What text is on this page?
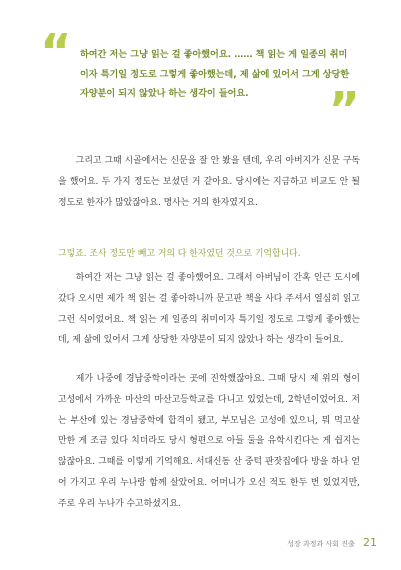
“ 하여간 저는 그냥 읽는 걸 좋아했어요. …… 책 읽는 게 일종의 취미이자 특기일 정도로 그렇게 좋아했는데, 제 삶에 있어서 그게 상당한 자양분이 되지 않았나 하는 생각이 들어요.	”

그리고 그때 시골에서는 신문을 잘 안 봤을 텐데, 우리 아버지가 신문 구독을 했어요. 두 가지 정도는 보셨던 거 같아요. 당시에는 지금하고 비교도 안 될 정도로 한자가 많았잖아요. 명사는 거의 한자였지요.

그렇죠. 조사 정도만 빼고 거의 다 한자였던 것으로 기억합니다.

하여간 저는 그냥 읽는 걸 좋아했어요. 그래서 아버님이 간혹 인근 도시에 갔다 오시면 제가 책 읽는 걸 좋아하니까 문고판 책을 사다 주셔서 열심히 읽고 그런 식이었어요. 책 읽는 게 일종의 취미이자 특기일 정도로 그렇게 좋아했는데, 제 삶에 있어서 그게 상당한 자양분이 되지 않았나 하는 생각이 들어요.

제가 나중에 경남중학이라는 곳에 진학했잖아요. 그때 당시 제 위의 형이 고성에서 가까운 마산의 마산고등학교를 다니고 있었는데, 2학년이었어요. 저는 부산에 있는 경남중학에 합격이 됐고, 부모님은 고성에 있으니, 뭐 먹고살 만한 게 조금 있다 치더라도 당시 형편으로 아들 둘을 유학시킨다는 게 쉽지는 않잖아요. 그때를 이렇게 기억해요. 서대신동 산 중턱 판잣집에다 방을 하나 얻어 가지고 우리 누나랑 함께 살았어요. 어머니가 오신 적도 한두 번 있었지만, 주로 우리 누나가 수고하셨지요.

성장 과정과 사회 진출 21
